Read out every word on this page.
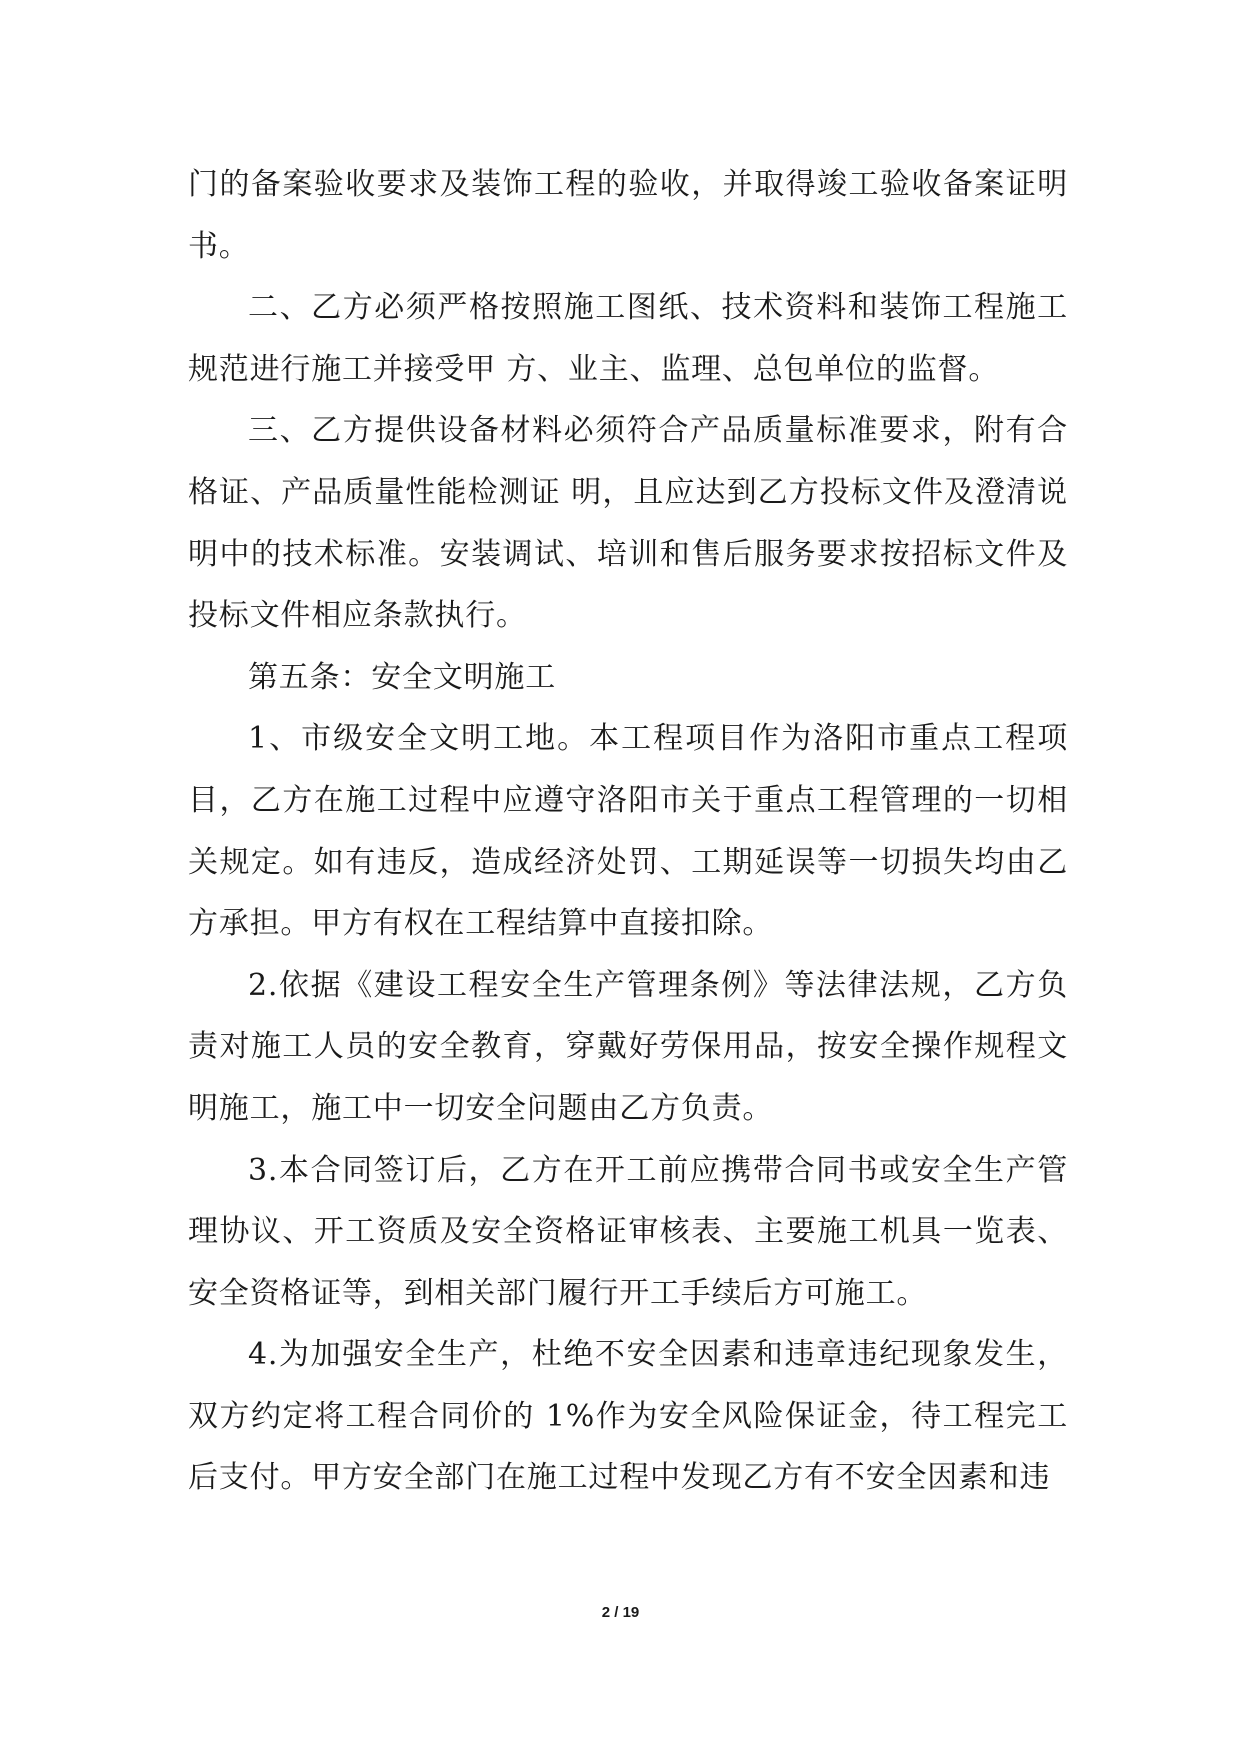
门的备案验收要求及装饰工程的验收，并取得竣工验收备案证明书。

二、乙方必须严格按照施工图纸、技术资料和装饰工程施工规范进行施工并接受甲 方、业主、监理、总包单位的监督。

三、乙方提供设备材料必须符合产品质量标准要求，附有合格证、产品质量性能检测证 明，且应达到乙方投标文件及澄清说明中的技术标准。安装调试、培训和售后服务要求按招标文件及投标文件相应条款执行。

第五条：安全文明施工

1、市级安全文明工地。本工程项目作为洛阳市重点工程项目，乙方在施工过程中应遵守洛阳市关于重点工程管理的一切相关规定。如有违反，造成经济处罚、工期延误等一切损失均由乙方承担。甲方有权在工程结算中直接扣除。

2.依据《建设工程安全生产管理条例》等法律法规，乙方负责对施工人员的安全教育，穿戴好劳保用品，按安全操作规程文明施工，施工中一切安全问题由乙方负责。

3.本合同签订后，乙方在开工前应携带合同书或安全生产管理协议、开工资质及安全资格证审核表、主要施工机具一览表、安全资格证等，到相关部门履行开工手续后方可施工。

4.为加强安全生产，杜绝不安全因素和违章违纪现象发生，双方约定将工程合同价的 1%作为安全风险保证金，待工程完工后支付。甲方安全部门在施工过程中发现乙方有不安全因素和违

2 / 19
